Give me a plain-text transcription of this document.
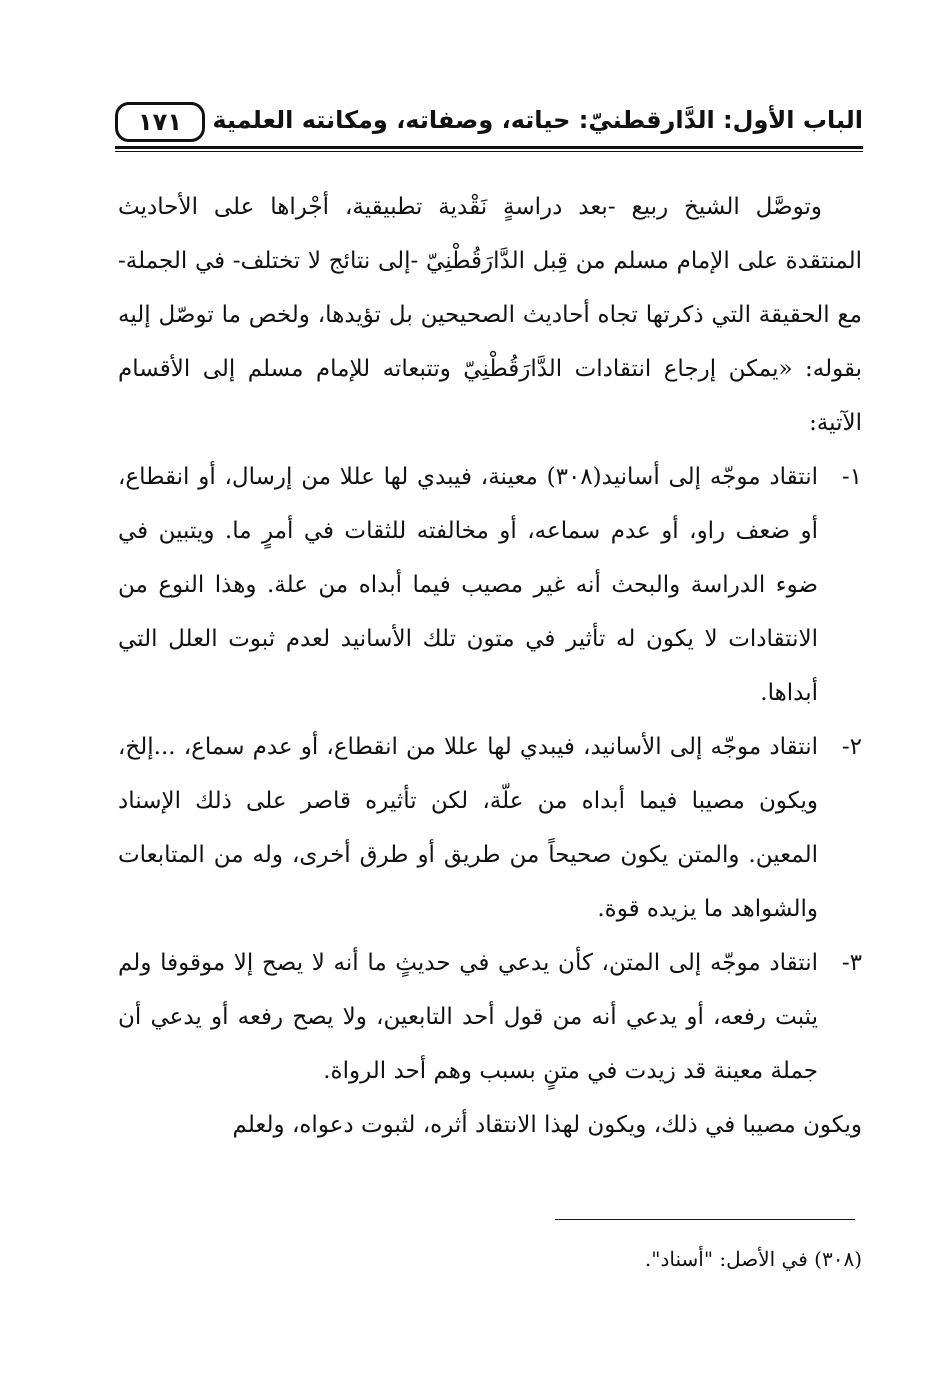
الباب الأول: الدَّارقطنيّ: حياته، وصفاته، ومكانته العلمية
١٧١

وتوصَّل الشيخ ربيع -بعد دراسةٍ نَقْدية تطبيقية، أجْراها على الأحاديث المنتقدة على الإمام مسلم من قِبل الدَّارَقُطْنِيّ -إلى نتائج لا تختلف- في الجملة- مع الحقيقة التي ذكرتها تجاه أحاديث الصحيحين بل تؤيدها، ولخص ما توصّل إليه بقوله: «يمكن إرجاع انتقادات الدَّارَقُطْنِيّ وتتبعاته للإمام مسلم إلى الأقسام الآتية:

١-

انتقاد موجّه إلى أسانيد(٣٠٨) معينة، فيبدي لها عللا من إرسال، أو انقطاع، أو ضعف راو، أو عدم سماعه، أو مخالفته للثقات في أمرٍ ما. ويتبين في ضوء الدراسة والبحث أنه غير مصيب فيما أبداه من علة. وهذا النوع من الانتقادات لا يكون له تأثير في متون تلك الأسانيد لعدم ثبوت العلل التي أبداها.

٢-

انتقاد موجّه إلى الأسانيد، فيبدي لها عللا من انقطاع، أو عدم سماع، ...إلخ، ويكون مصيبا فيما أبداه من علّة، لكن تأثيره قاصر على ذلك الإسناد المعين. والمتن يكون صحيحاً من طريق أو طرق أخرى، وله من المتابعات والشواهد ما يزيده قوة.

٣-

انتقاد موجّه إلى المتن، كأن يدعي في حديثٍ ما أنه لا يصح إلا موقوفا ولم يثبت رفعه، أو يدعي أنه من قول أحد التابعين، ولا يصح رفعه أو يدعي أن جملة معينة قد زيدت في متنٍ بسبب وهم أحد الرواة.

ويكون مصيبا في ذلك، ويكون لهذا الانتقاد أثره، لثبوت دعواه، ولعلم

(٣٠٨) في الأصل: "أسناد".
